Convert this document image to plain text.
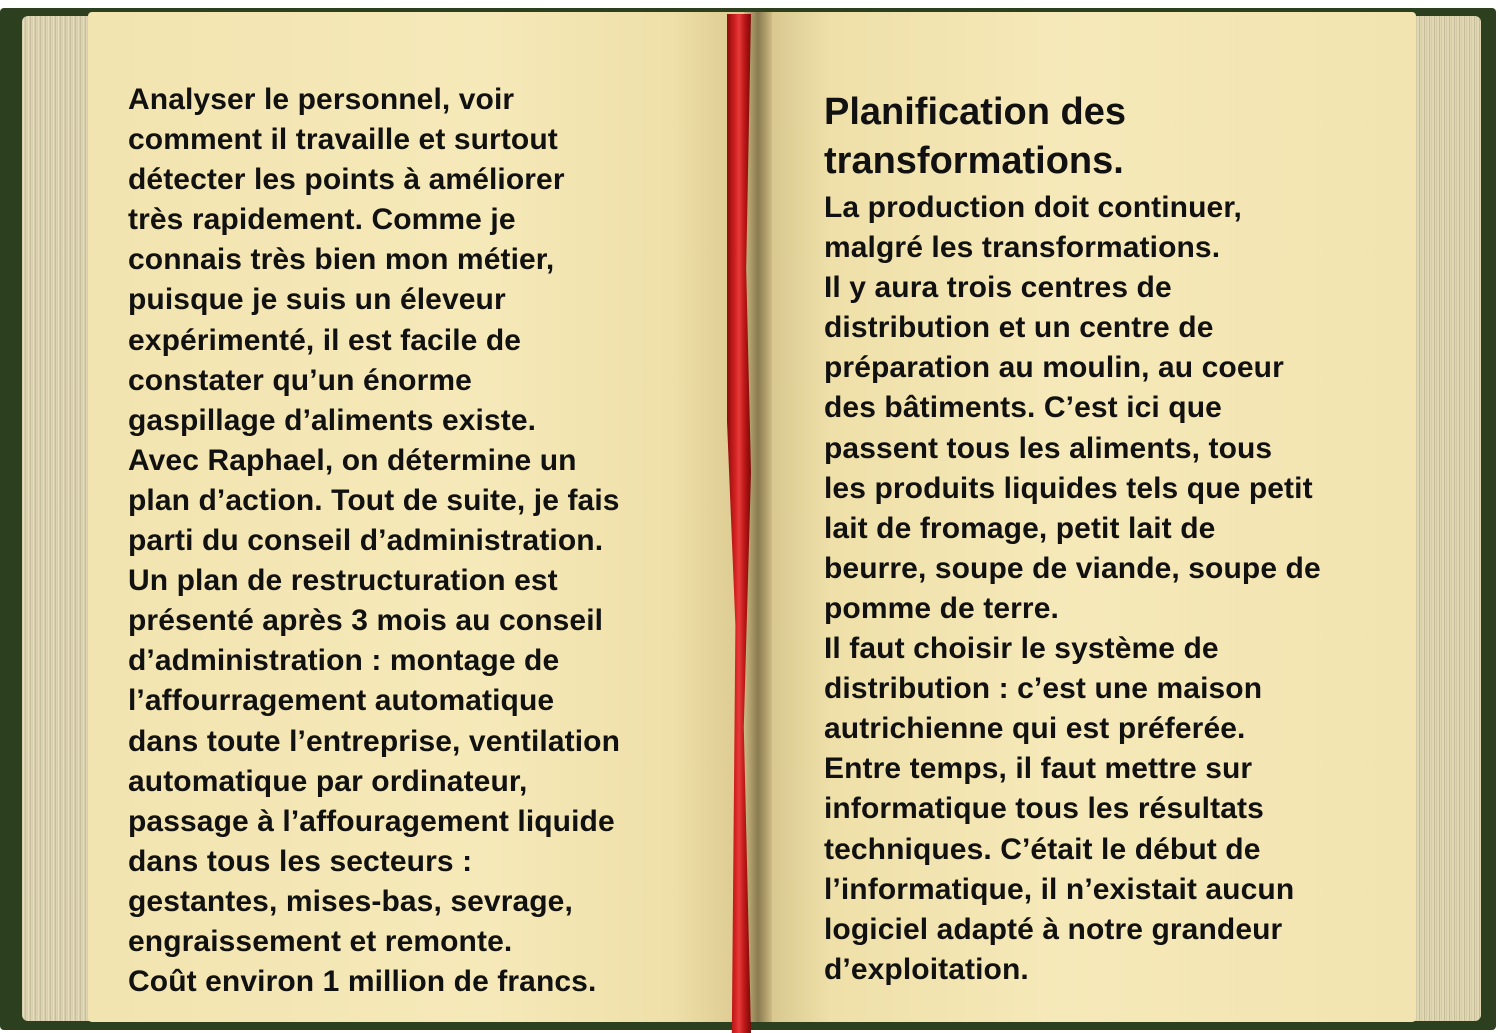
Analyser le personnel, voir
comment il travaille et surtout
détecter les points à améliorer
très rapidement. Comme je
connais très bien mon métier,
puisque je suis un éleveur
expérimenté, il est facile de
constater qu’un énorme
gaspillage d’aliments existe.
Avec Raphael, on détermine un
plan d’action. Tout de suite, je fais
parti du conseil d’administration.
Un plan de restructuration est
présenté après 3 mois au conseil
d’administration : montage de
l’affourragement automatique
dans toute l’entreprise, ventilation
automatique par ordinateur,
passage à l’affouragement liquide
dans tous les secteurs :
gestantes, mises-bas, sevrage,
engraissement et remonte.
Coût environ 1 million de francs.
Planification des
transformations.
La production doit continuer,
malgré les transformations.
Il y aura trois centres de
distribution et un centre de
préparation au moulin, au coeur
des bâtiments. C’est ici que
passent tous les aliments, tous
les produits liquides tels que petit
lait de fromage, petit lait de
beurre, soupe de viande, soupe de
pomme de terre.
Il faut choisir le système de
distribution : c’est une maison
autrichienne qui est préferée.
Entre temps, il faut mettre sur
informatique tous les résultats
techniques. C’était le début de
l’informatique, il n’existait aucun
logiciel adapté à notre grandeur
d’exploitation.
